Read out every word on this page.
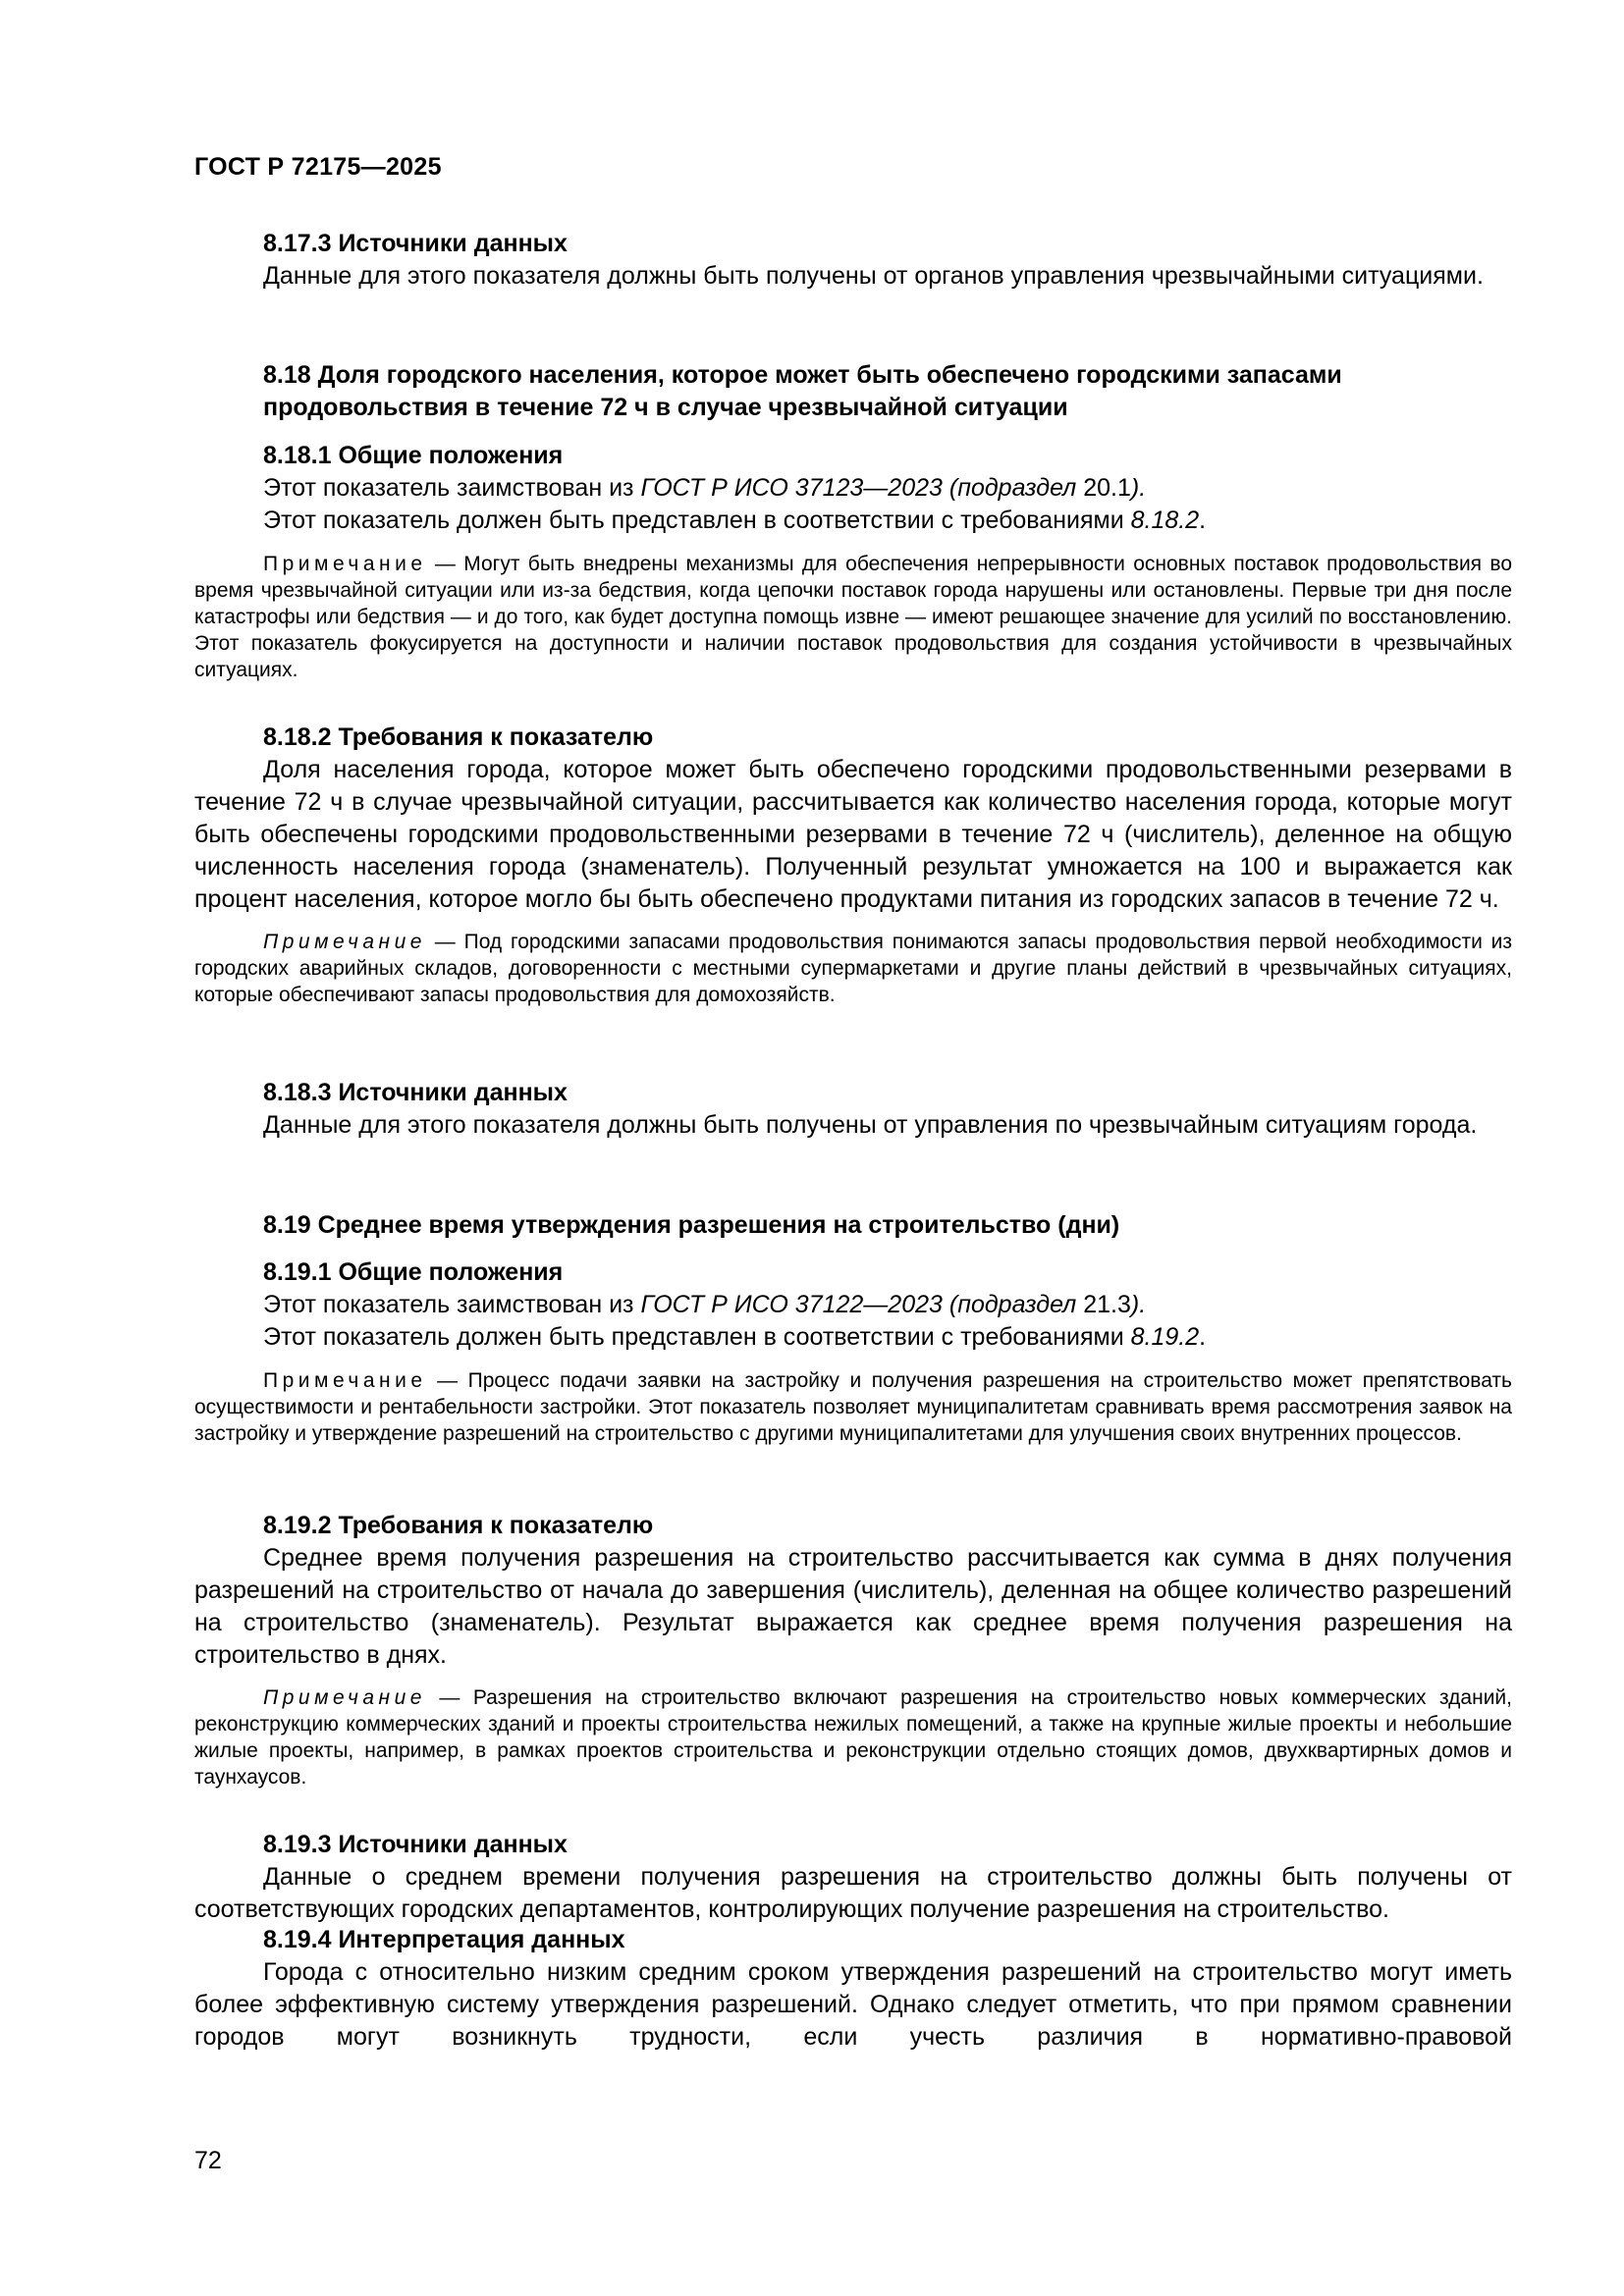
ГОСТ Р 72175—2025
8.17.3 Источники данных
Данные для этого показателя должны быть получены от органов управления чрезвычайными ситуациями.
8.18 Доля городского населения, которое может быть обеспечено городскими запасами
продовольствия в течение 72 ч в случае чрезвычайной ситуации
8.18.1 Общие положения
Этот показатель заимствован из ГОСТ Р ИСО 37123—2023 (подраздел 20.1).
Этот показатель должен быть представлен в соответствии с требованиями 8.18.2.
Примечание — Могут быть внедрены механизмы для обеспечения непрерывности основных поставок продовольствия во время чрезвычайной ситуации или из-за бедствия, когда цепочки поставок города нарушены или остановлены. Первые три дня после катастрофы или бедствия — и до того, как будет доступна помощь извне — имеют решающее значение для усилий по восстановлению. Этот показатель фокусируется на доступности и наличии поставок продовольствия для создания устойчивости в чрезвычайных ситуациях.
8.18.2 Требования к показателю
Доля населения города, которое может быть обеспечено городскими продовольственными резервами в течение 72 ч в случае чрезвычайной ситуации, рассчитывается как количество населения города, которые могут быть обеспечены городскими продовольственными резервами в течение 72 ч (числитель), деленное на общую численность населения города (знаменатель). Полученный результат умножается на 100 и выражается как процент населения, которое могло бы быть обеспечено продуктами питания из городских запасов в течение 72 ч.
Примечание — Под городскими запасами продовольствия понимаются запасы продовольствия первой необходимости из городских аварийных складов, договоренности с местными супермаркетами и другие планы действий в чрезвычайных ситуациях, которые обеспечивают запасы продовольствия для домохозяйств.
8.18.3 Источники данных
Данные для этого показателя должны быть получены от управления по чрезвычайным ситуациям города.
8.19 Среднее время утверждения разрешения на строительство (дни)
8.19.1 Общие положения
Этот показатель заимствован из ГОСТ Р ИСО 37122—2023 (подраздел 21.3).
Этот показатель должен быть представлен в соответствии с требованиями 8.19.2.
Примечание — Процесс подачи заявки на застройку и получения разрешения на строительство может препятствовать осуществимости и рентабельности застройки. Этот показатель позволяет муниципалитетам сравнивать время рассмотрения заявок на застройку и утверждение разрешений на строительство с другими муниципалитетами для улучшения своих внутренних процессов.
8.19.2 Требования к показателю
Среднее время получения разрешения на строительство рассчитывается как сумма в днях получения разрешений на строительство от начала до завершения (числитель), деленная на общее количество разрешений на строительство (знаменатель). Результат выражается как среднее время получения разрешения на строительство в днях.
Примечание — Разрешения на строительство включают разрешения на строительство новых коммерческих зданий, реконструкцию коммерческих зданий и проекты строительства нежилых помещений, а также на крупные жилые проекты и небольшие жилые проекты, например, в рамках проектов строительства и реконструкции отдельно стоящих домов, двухквартирных домов и таунхаусов.
8.19.3 Источники данных
Данные о среднем времени получения разрешения на строительство должны быть получены от соответствующих городских департаментов, контролирующих получение разрешения на строительство.
8.19.4 Интерпретация данных
Города с относительно низким средним сроком утверждения разрешений на строительство могут иметь более эффективную систему утверждения разрешений. Однако следует отметить, что при прямом сравнении городов могут возникнуть трудности, если учесть различия в нормативно-правовой
72
